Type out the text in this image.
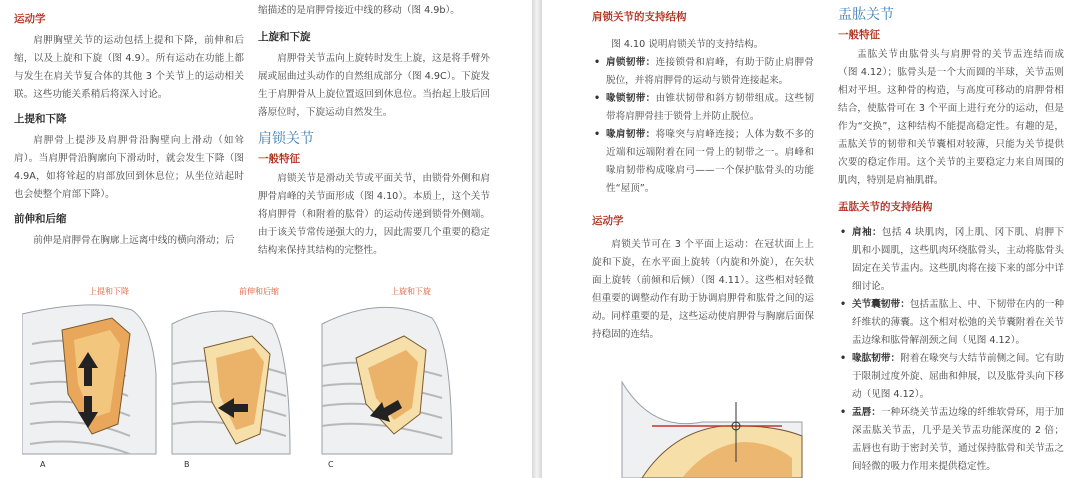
运动学

肩胛胸壁关节的运动包括上提和下降，前伸和后缩，以及上旋和下旋（图 4.9）。所有运动在功能上都与发生在肩关节复合体的其他 3 个关节上的运动相关联。这些功能关系稍后将深入讨论。

上提和下降

肩胛骨上提涉及肩胛骨沿胸壁向上滑动（如耸肩）。当肩胛骨沿胸廓向下滑动时，就会发生下降（图 4.9A，如将耸起的肩部放回到休息位；从坐位站起时也会使整个肩部下降）。

前伸和后缩

前伸是肩胛骨在胸廓上远离中线的横向滑动；后

缩描述的是肩胛骨接近中线的移动（图 4.9b）。

上旋和下旋

肩胛骨关节盂向上旋转时发生上旋，这是将手臂外展或屈曲过头动作的自然组成部分（图 4.9C）。下旋发生于肩胛骨从上旋位置返回到休息位。当抬起上肢后回落原位时，下旋运动自然发生。

肩锁关节
一般特征

肩锁关节是滑动关节或平面关节，由锁骨外侧和肩胛骨肩峰的关节面形成（图 4.10）。本质上，这个关节将肩胛骨（和附着的肱骨）的运动传递到锁骨外侧端。由于该关节常传递强大的力，因此需要几个重要的稳定结构来保持其结构的完整性。

上提和下降	前伸和后缩	上旋和下旋
A	B	C
肩锁关节的支持结构

图 4.10 说明肩锁关节的支持结构。

• 肩锁韧带：连接锁骨和肩峰，有助于防止肩胛骨脱位，并将肩胛骨的运动与锁骨连接起来。
• 喙锁韧带：由锥状韧带和斜方韧带组成。这些韧带将肩胛骨挂于锁骨上并防止脱位。
• 喙肩韧带：将喙突与肩峰连接；人体为数不多的近端和远端附着在同一骨上的韧带之一。肩峰和喙肩韧带构成喙肩弓——一个保护肱骨头的功能性“屋顶”。
运动学

肩锁关节可在 3 个平面上运动：在冠状面上上旋和下旋，在水平面上旋转（内旋和外旋），在矢状面上旋转（前倾和后倾）（图 4.11）。这些相对轻微但重要的调整动作有助于协调肩胛骨和肱骨之间的运动。同样重要的是，这些运动使肩胛骨与胸廓后面保持稳固的连结。

盂肱关节
一般特征

盂肱关节由肱骨头与肩胛骨的关节盂连结而成（图 4.12）；肱骨头是一个大而圆的半球，关节盂则相对平坦。这种骨的构造，与高度可移动的肩胛骨相结合，使肱骨可在 3 个平面上进行充分的运动，但是作为“交换”，这种结构不能提高稳定性。有趣的是，盂肱关节的韧带和关节囊相对较薄，只能为关节提供次要的稳定作用。这个关节的主要稳定力来自周围的肌肉，特别是肩袖肌群。

盂肱关节的支持结构
• 肩袖：包括 4 块肌肉，冈上肌、冈下肌、肩胛下肌和小圆肌，这些肌肉环绕肱骨头，主动将肱骨头固定在关节盂内。这些肌肉将在接下来的部分中详细讨论。
• 关节囊韧带：包括盂肱上、中、下韧带在内的一种纤维状的薄囊。这个相对松弛的关节囊附着在关节盂边缘和肱骨解剖颈之间（见图 4.12）。
• 喙肱韧带：附着在喙突与大结节前侧之间。它有助于限制过度外旋、屈曲和伸展，以及肱骨头向下移动（见图 4.12）。
• 盂唇：一种环绕关节盂边缘的纤维软骨环，用于加深盂肱关节盂，几乎是关节盂功能深度的 2 倍；盂唇也有助于密封关节，通过保持肱骨和关节盂之间轻微的吸力作用来提供稳定性。
